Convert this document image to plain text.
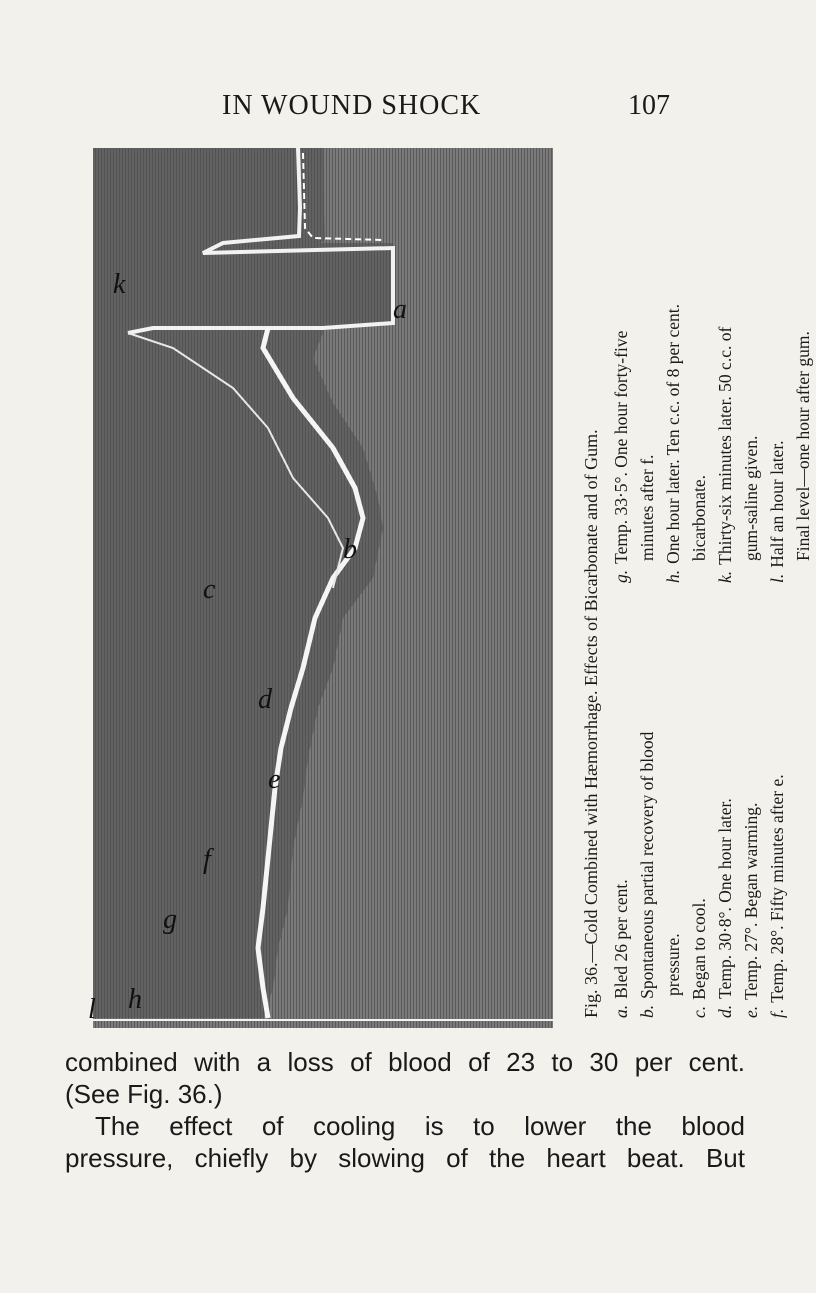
IN WOUND SHOCK	107
a
b
c
d
e
f
g
h
k
l	Fig. 36.—Cold Combined with Hæmorrhage. Effects of Bicarbonate and of Gum. a.Bled 26 per cent.
b.Spontaneous partial recovery of blood pressure.
c.Began to cool.
d.Temp. 30·8°. One hour later.
e.Temp. 27°. Began warming.
f.Temp. 28°. Fifty minutes after e.
g.Temp. 33·5°. One hour forty-five minutes after f.
h.One hour later. Ten c.c. of 8 per cent. bicarbonate.
k.Thirty-six minutes later. 50 c.c. of gum-saline given.
l.Half an hour later. Final level—one hour after gum.

combined with a loss of blood of 23 to 30 per cent.

(See Fig. 36.)

The effect of cooling is to lower the blood

pressure, chiefly by slowing of the heart beat. But
